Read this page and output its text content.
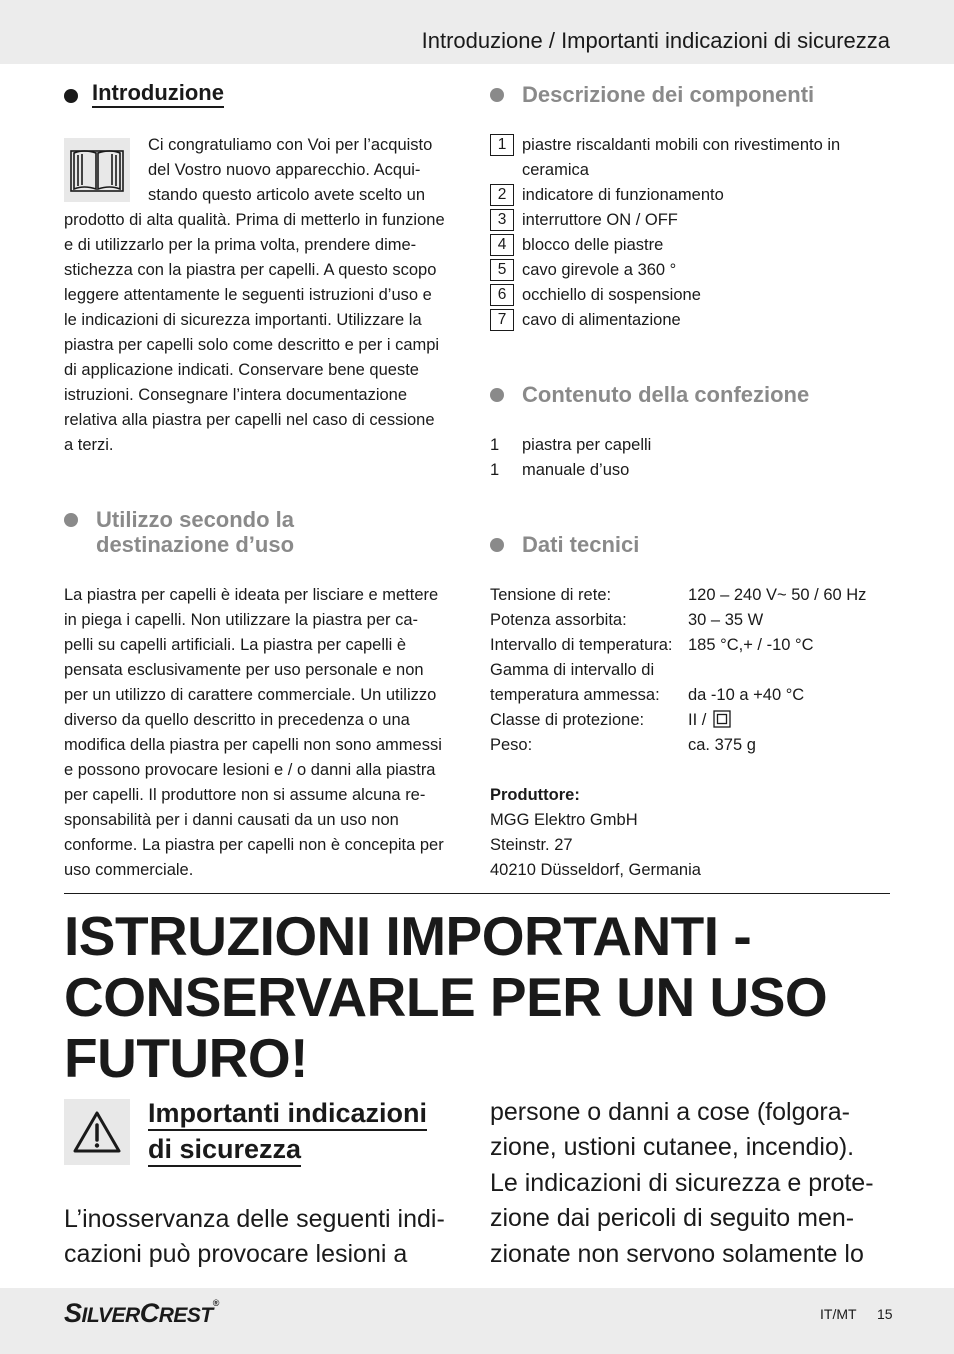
Introduzione / Importanti indicazioni di sicurezza
Introduzione
Ci congratuliamo con Voi per l’acquisto
del Vostro nuovo apparecchio. Acqui-
stando questo articolo avete scelto un
prodotto di alta qualità. Prima di metterlo in funzione
e di utilizzarlo per la prima volta, prendere dime-
stichezza con la piastra per capelli. A questo scopo
leggere attentamente le seguenti istruzioni d’uso e
le indicazioni di sicurezza importanti. Utilizzare la
piastra per capelli solo come descritto e per i campi
di applicazione indicati. Conservare bene queste
istruzioni. Consegnare l’intera documentazione
relativa alla piastra per capelli nel caso di cessione
a terzi.
Utilizzo secondo la
destinazione d’uso
La piastra per capelli è ideata per lisciare e mettere
in piega i capelli. Non utilizzare la piastra per ca-
pelli su capelli artificiali. La piastra per capelli è
pensata esclusivamente per uso personale e non
per un utilizzo di carattere commerciale. Un utilizzo
diverso da quello descritto in precedenza o una
modifica della piastra per capelli non sono ammessi
e possono provocare lesioni e / o danni alla piastra
per capelli. Il produttore non si assume alcuna re-
sponsabilità per i danni causati da un uso non
conforme. La piastra per capelli non è concepita per
uso commerciale.
Descrizione dei componenti
1 piastre riscaldanti mobili con rivestimento in
ceramica
2 indicatore di funzionamento
3 interruttore ON / OFF
4 blocco delle piastre
5 cavo girevole a 360 °
6 occhiello di sospensione
7 cavo di alimentazione
Contenuto della confezione
1 piastra per capelli
1 manuale d’uso
Dati tecnici
Tensione di rete:	120 – 240 V~ 50 / 60 Hz
Potenza assorbita:	30 – 35 W
Intervallo di temperatura: 185 °C,+ / -10 °C
Gamma di intervallo di
temperatura ammessa: da -10 a +40 °C
Classe di protezione:	II /
Peso:	ca. 375 g
Produttore:
MGG Elektro GmbH
Steinstr. 27
40210 Düsseldorf, Germania
ISTRUZIONI IMPORTANTI -
CONSERVARLE PER UN USO
FUTURO!
Importanti indicazioni
di sicurezza
L’inosservanza delle seguenti indi-
cazioni può provocare lesioni a
persone o danni a cose (folgora-
zione, ustioni cutanee, incendio).
Le indicazioni di sicurezza e prote-
zione dai pericoli di seguito men-
zionate non servono solamente lo
SILVERCREST®
IT/MT 15
